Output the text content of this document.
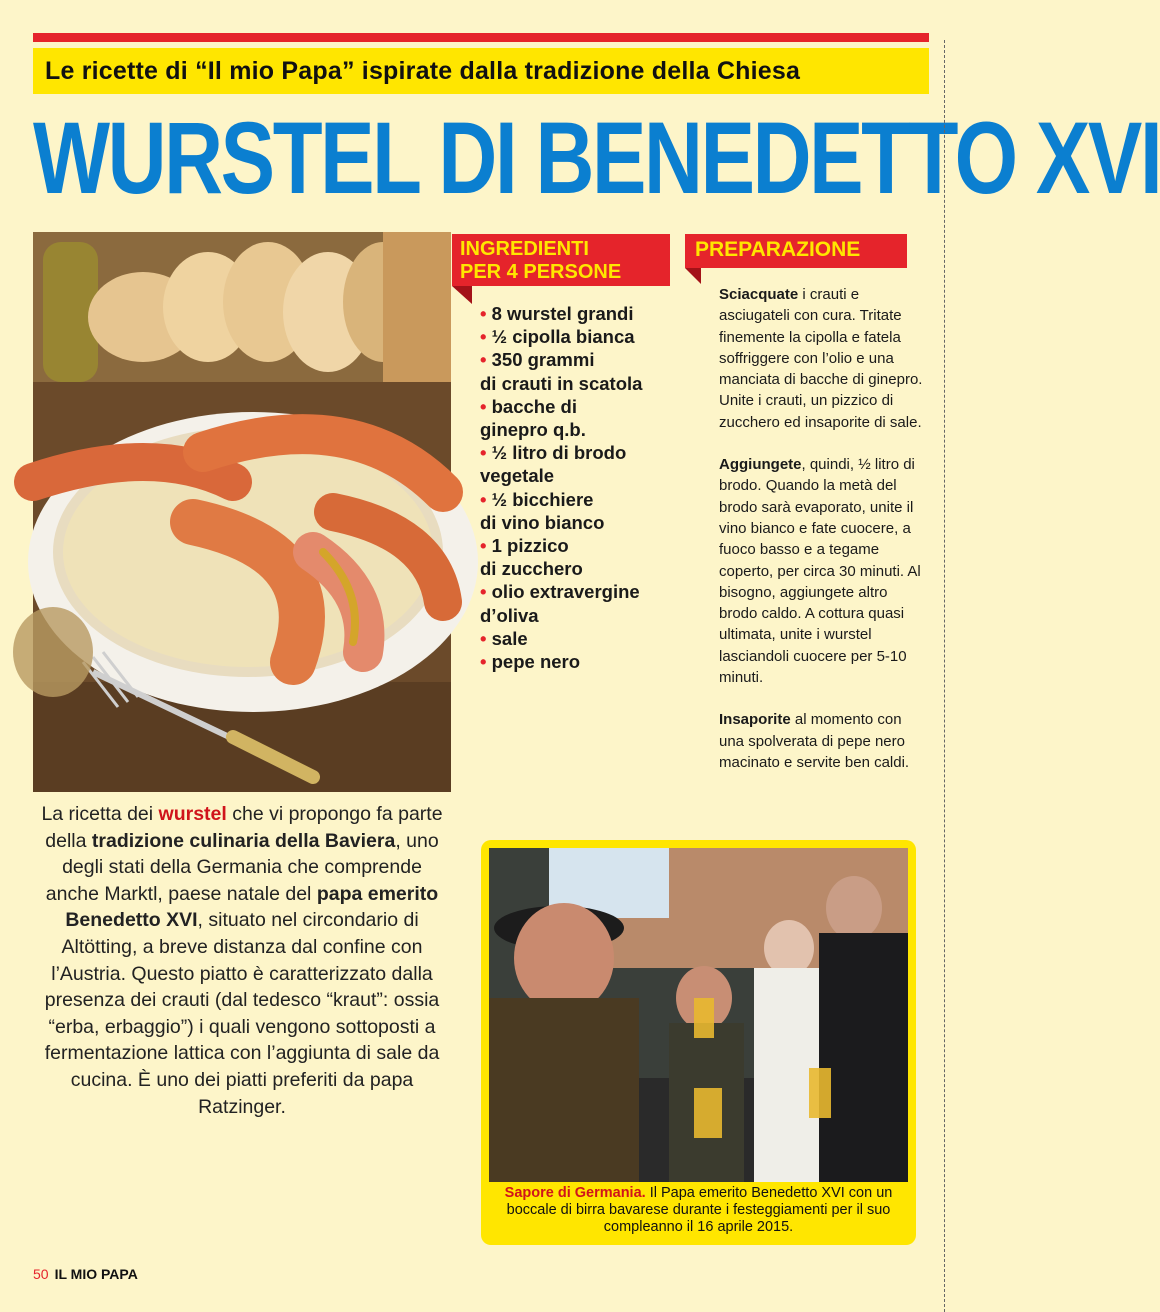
Le ricette di “Il mio Papa” ispirate dalla tradizione della Chiesa
WURSTEL DI BENEDETTO XVI
INGREDIENTI
PER 4 PERSONE
• 8 wurstel grandi
• ½ cipolla bianca
• 350 grammi
di crauti in scatola
• bacche di
ginepro q.b.
• ½ litro di brodo
vegetale
• ½ bicchiere
di vino bianco
• 1 pizzico
di zucchero
• olio extravergine
d’oliva
• sale
• pepe nero
PREPARAZIONE

Sciacquate i crauti e asciugateli con cura. Tritate finemente la cipolla e fatela soffriggere con l’olio e una manciata di bacche di ginepro. Unite i crauti, un pizzico di zucchero ed insaporite di sale.

Aggiungete, quindi, ½ litro di brodo. Quando la metà del brodo sarà evaporato, unite il vino bianco e fate cuocere, a fuoco basso e a tegame coperto, per circa 30 minuti. Al bisogno, aggiungete altro brodo caldo. A cottura quasi ultimata, unite i wurstel lasciandoli cuocere per 5-10 minuti.

Insaporite al momento con una spolverata di pepe nero macinato e servite ben caldi.

La ricetta dei wurstel che vi propongo fa parte della tradizione culinaria della Baviera, uno degli stati della Germania che comprende anche Marktl, paese natale del papa emerito Benedetto XVI, situato nel circondario di Altötting, a breve distanza dal confine con l’Austria. Questo piatto è caratterizzato dalla presenza dei crauti (dal tedesco “kraut”: ossia “erba, erbaggio”) i quali vengono sottoposti a fermentazione lattica con l’aggiunta di sale da cucina. È uno dei piatti preferiti da papa Ratzinger.
Sapore di Germania. Il Papa emerito Benedetto XVI con un boccale di birra bavarese durante i festeggiamenti per il suo compleanno il 16 aprile 2015.
50 IL MIO PAPA
